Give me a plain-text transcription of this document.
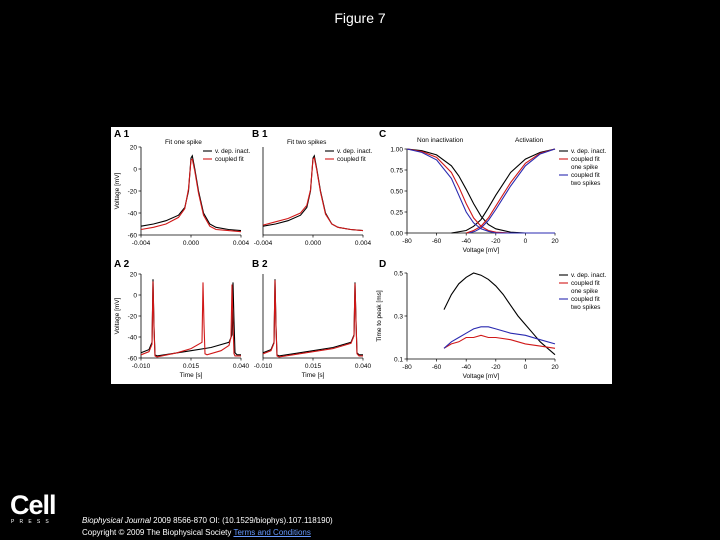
Figure 7
A 1
-0.004	0.000	0.004
20
0
-20
-40
-60
Voltage [mV]
Fit one spike
v. dep. inact.
coupled fit
B 1
-0.004	0.000	0.004
Fit two spikes
v. dep. inact.
coupled fit
C
-80	-60	-40	-20	0	20
1.00
0.75
0.50
0.25
0.00
Voltage [mV]
Non inactivation	Activation
v. dep. inact.
coupled fit
one spike
coupled fit
two spikes
A 2
-0.010	0.015	0.040
20
0
-20
-40
-60
Time [s]
Voltage [mV]
B 2
-0.010	0.015	0.040
Time [s]
D
-80	-60	-40	-20	0	20
0.5
0.3
0.1
Voltage [mV]
Time to peak [ms]
v. dep. inact.
coupled fit
one spike
coupled fit
two spikes
Cell
PRESS	Biophysical Journal 2009 8566-870 OI: (10.1529/biophys).107.118190)
Copyright © 2009 The Biophysical Society Terms and Conditions
